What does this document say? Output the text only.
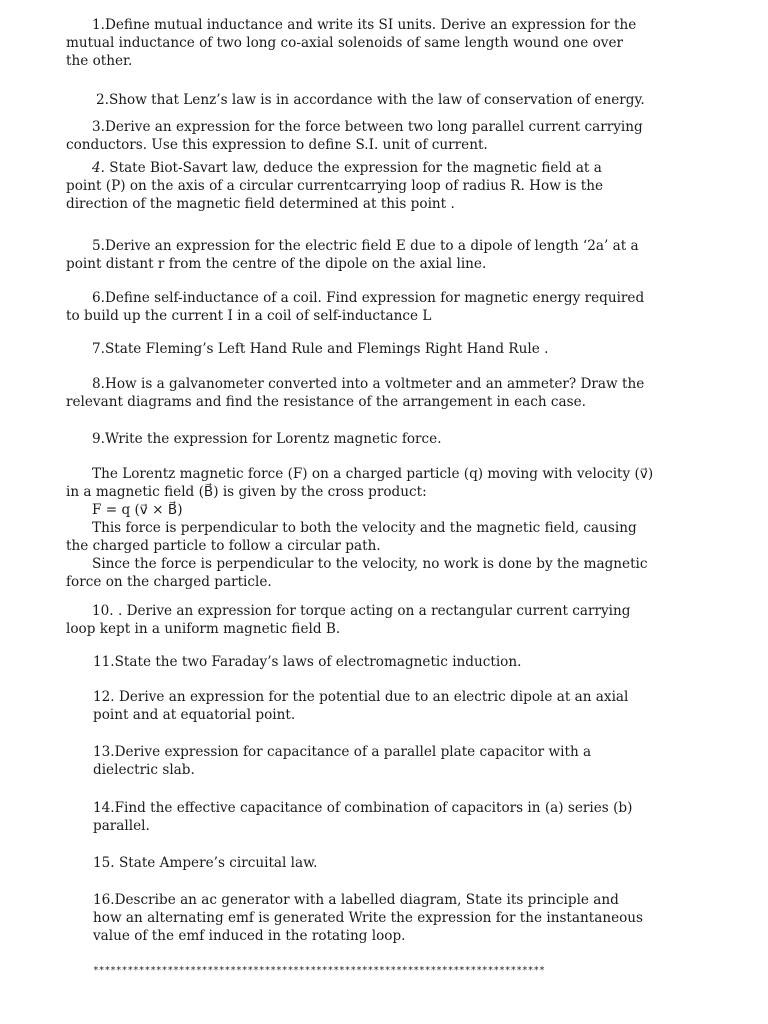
1.Define mutual inductance and write its SI units. Derive an expression for the
mutual inductance of two long co-axial solenoids of same length wound one over
the other.
2.Show that Lenz’s law is in accordance with the law of conservation of energy.
3.Derive an expression for the force between two long parallel current carrying
conductors. Use this expression to define S.I. unit of current.
4. State Biot-Savart law, deduce the expression for the magnetic field at a
point (P) on the axis of a circular currentcarrying loop of radius R. How is the
direction of the magnetic field determined at this point .
5.Derive an expression for the electric field E due to a dipole of length ‘2a’ at a
point distant r from the centre of the dipole on the axial line.
6.Define self-inductance of a coil. Find expression for magnetic energy required
to build up the current I in a coil of self-inductance L
7.State Fleming’s Left Hand Rule and Flemings Right Hand Rule .
8.How is a galvanometer converted into a voltmeter and an ammeter? Draw the
relevant diagrams and find the resistance of the arrangement in each case.
9.Write the expression for Lorentz magnetic force.
The Lorentz magnetic force (F) on a charged particle (q) moving with velocity (v⃗)
in a magnetic field (B⃗) is given by the cross product:
F = q (v⃗ × B⃗)
This force is perpendicular to both the velocity and the magnetic field, causing
the charged particle to follow a circular path.
Since the force is perpendicular to the velocity, no work is done by the magnetic
force on the charged particle.
10. . Derive an expression for torque acting on a rectangular current carrying
loop kept in a uniform magnetic field B.
11.State the two Faraday’s laws of electromagnetic induction.
12. Derive an expression for the potential due to an electric dipole at an axial
point and at equatorial point.
13.Derive expression for capacitance of a parallel plate capacitor with a
dielectric slab.
14.Find the effective capacitance of combination of capacitors in (a) series (b)
parallel.
15. State Ampere’s circuital law.
16.Describe an ac generator with a labelled diagram, State its principle and
how an alternating emf is generated Write the expression for the instantaneous
value of the emf induced in the rotating loop.
*******************************************************************************
